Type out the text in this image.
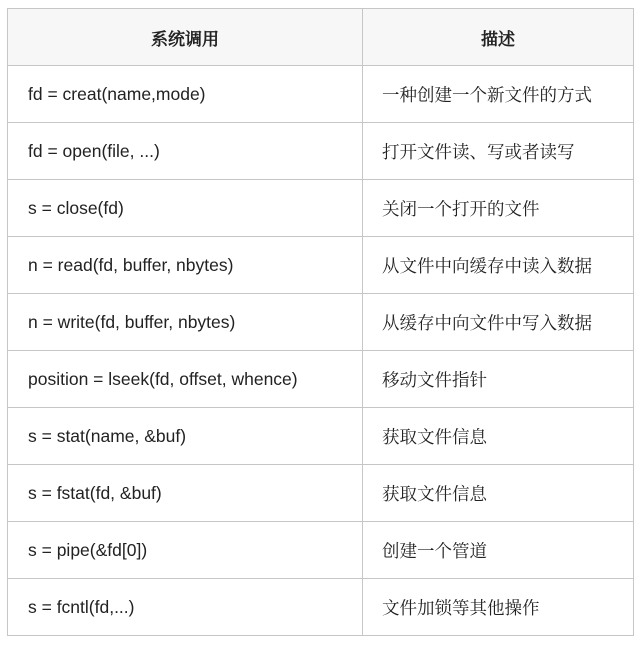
系统调用	描述
fd = creat(name,mode)	一种创建一个新文件的方式
fd = open(file, ...)	打开文件读、写或者读写
s = close(fd)	关闭一个打开的文件
n = read(fd, buffer, nbytes)	从文件中向缓存中读入数据
n = write(fd, buffer, nbytes)	从缓存中向文件中写入数据
position = lseek(fd, offset, whence)	移动文件指针
s = stat(name, &buf)	获取文件信息
s = fstat(fd, &buf)	获取文件信息
s = pipe(&fd[0])	创建一个管道
s = fcntl(fd,...)	文件加锁等其他操作
